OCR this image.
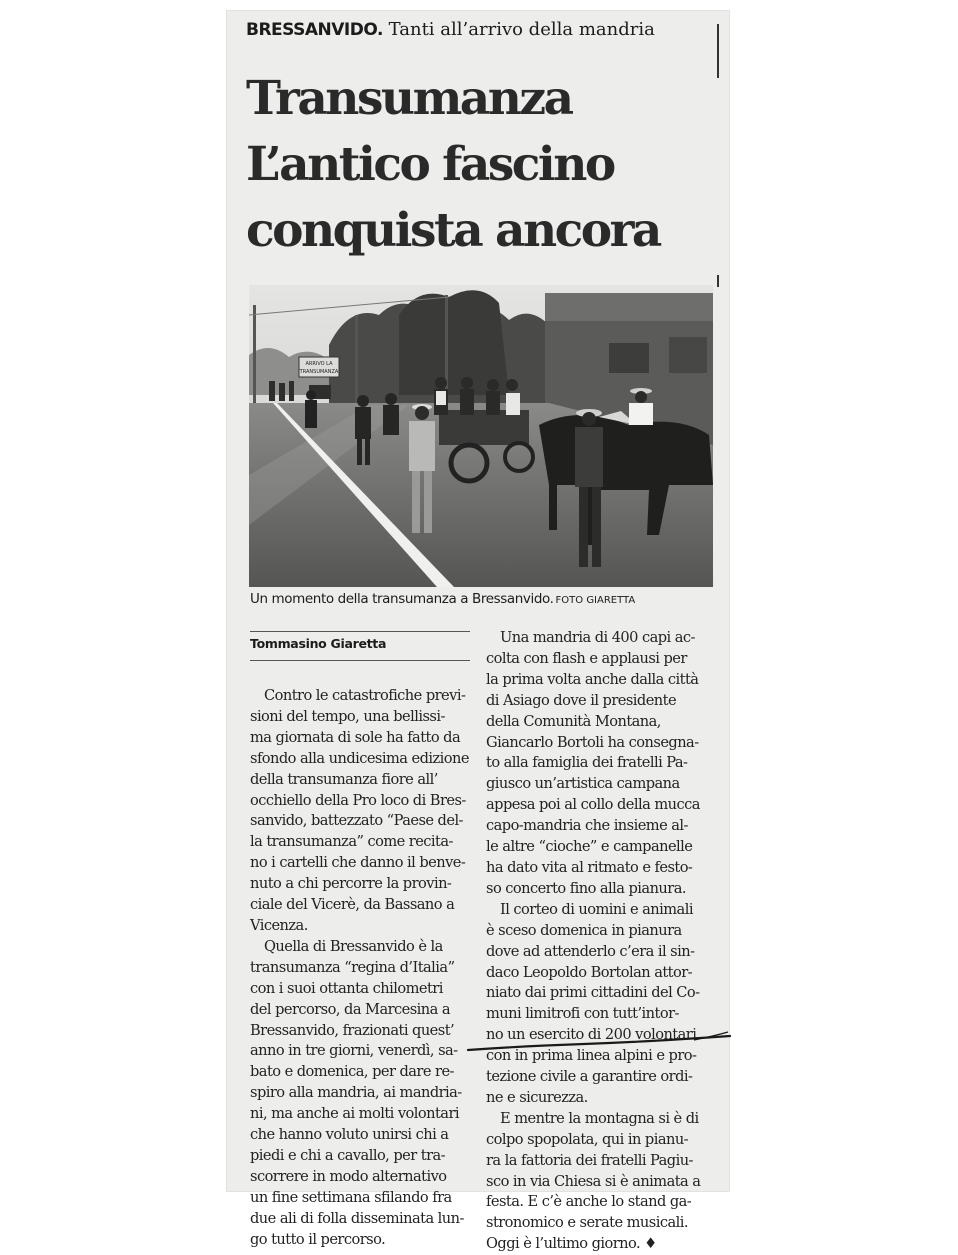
BRESSANVIDO. Tanti all’arrivo della mandria
Transumanza
L’antico fascino
conquista ancora
ARRIVO LA
TRANSUMANZA
Un momento della transumanza a Bressanvido. FOTO GIARETTA
Tommasino Giaretta
Contro le catastrofiche previ-
sioni del tempo, una bellissi-
ma giornata di sole ha fatto da
sfondo alla undicesima edizione
della transumanza fiore all’
occhiello della Pro loco di Bres-
sanvido, battezzato “Paese del-
la transumanza” come recita-
no i cartelli che danno il benve-
nuto a chi percorre la provin-
ciale del Vicerè, da Bassano a
Vicenza.
Quella di Bressanvido è la
transumanza “regina d’Italia”
con i suoi ottanta chilometri
del percorso, da Marcesina a
Bressanvido, frazionati quest’
anno in tre giorni, venerdì, sa-
bato e domenica, per dare re-
spiro alla mandria, ai mandria-
ni, ma anche ai molti volontari
che hanno voluto unirsi chi a
piedi e chi a cavallo, per tra-
scorrere in modo alternativo
un fine settimana sfilando fra
due ali di folla disseminata lun-
go tutto il percorso.
Una mandria di 400 capi ac-
colta con flash e applausi per
la prima volta anche dalla città
di Asiago dove il presidente
della Comunità Montana,
Giancarlo Bortoli ha consegna-
to alla famiglia dei fratelli Pa-
giusco un’artistica campana
appesa poi al collo della mucca
capo-mandria che insieme al-
le altre “cioche” e campanelle
ha dato vita al ritmato e festo-
so concerto fino alla pianura.
Il corteo di uomini e animali
è sceso domenica in pianura
dove ad attenderlo c’era il sin-
daco Leopoldo Bortolan attor-
niato dai primi cittadini del Co-
muni limitrofi con tutt’intor-
no un esercito di 200 volontari
con in prima linea alpini e pro-
tezione civile a garantire ordi-
ne e sicurezza.
E mentre la montagna si è di
colpo spopolata, qui in pianu-
ra la fattoria dei fratelli Pagiu-
sco in via Chiesa si è animata a
festa. E c’è anche lo stand ga-
stronomico e serate musicali.
Oggi è l’ultimo giorno. ♦
